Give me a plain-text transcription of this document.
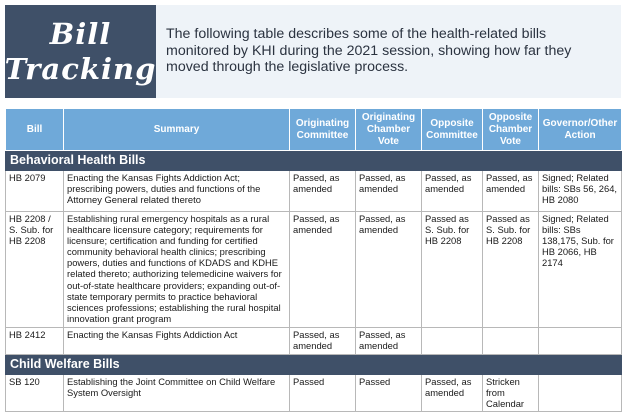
Bill
Tracking
The following table describes some of the health-related bills monitored by KHI during the 2021 session, showing how far they moved through the legislative process.
Bill	Summary	Originating Committee	Originating Chamber Vote	Opposite Committee	Opposite Chamber Vote	Governor/Other Action
Behavioral Health Bills						
HB 2079	Enacting the Kansas Fights Addiction Act; prescribing powers, duties and functions of the Attorney General related thereto	Passed, as amended	Passed, as amended	Passed, as amended	Passed, as amended	Signed; Related bills: SBs 56, 264, HB 2080
HB 2208 / S. Sub. for HB 2208	Establishing rural emergency hospitals as a rural healthcare licensure category; requirements for licensure; certification and funding for certified community behavioral health clinics; prescribing powers, duties and functions of KDADS and KDHE related thereto; authorizing telemedicine waivers for out-of-state healthcare providers; expanding out-of-state temporary permits to practice behavioral sciences professions; establishing the rural hospital innovation grant program	Passed, as amended	Passed, as amended	Passed as S. Sub. for HB 2208	Passed as S. Sub. for HB 2208	Signed; Related bills: SBs 138,175, Sub. for HB 2066, HB 2174
HB 2412	Enacting the Kansas Fights Addiction Act	Passed, as amended	Passed, as amended			
Child Welfare Bills						
SB 120	Establishing the Joint Committee on Child Welfare System Oversight	Passed	Passed	Passed, as amended	Stricken from Calendar	
